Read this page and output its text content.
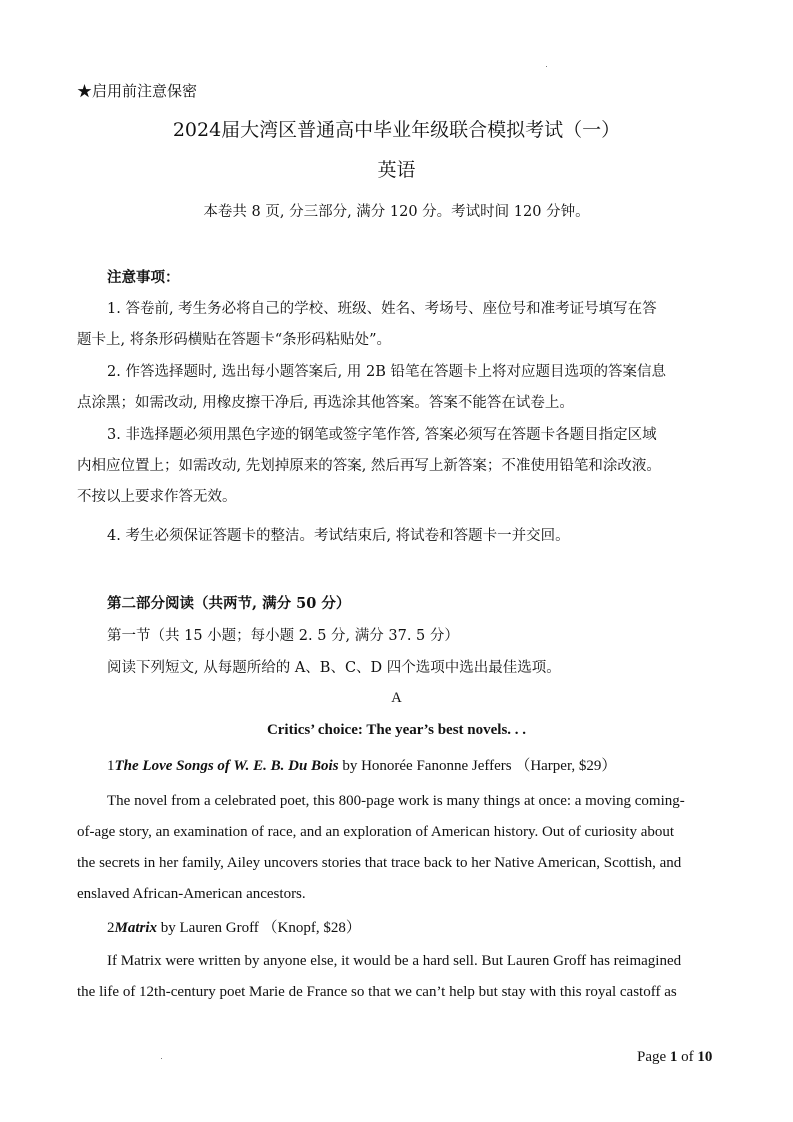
★启用前注意保密
2024届大湾区普通高中毕业年级联合模拟考试（一）
英语
本卷共 8 页, 分三部分, 满分 120 分。考试时间 120 分钟。
注意事项：
1. 答卷前, 考生务必将自己的学校、班级、姓名、考场号、座位号和准考证号填写在答
题卡上, 将条形码横贴在答题卡“条形码粘贴处”。
2. 作答选择题时, 选出每小题答案后, 用 2B 铅笔在答题卡上将对应题目选项的答案信息
点涂黑；如需改动, 用橡皮擦干净后, 再选涂其他答案。答案不能答在试卷上。
3. 非选择题必须用黑色字迹的钢笔或签字笔作答, 答案必须写在答题卡各题目指定区域
内相应位置上；如需改动, 先划掉原来的答案, 然后再写上新答案；不准使用铅笔和涂改液。
不按以上要求作答无效。
4. 考生必须保证答题卡的整洁。考试结束后, 将试卷和答题卡一并交回。
第二部分阅读（共两节, 满分 50 分）
第一节（共 15 小题；每小题 2. 5 分, 满分 37. 5 分）
阅读下列短文, 从每题所给的 A、B、C、D 四个选项中选出最佳选项。
A
Critics’ choice: The year’s best novels. . .
1The Love Songs of W. E. B. Du Bois by Honorée Fanonne Jeffers （Harper, $29）
The novel from a celebrated poet, this 800-page work is many things at once: a moving coming-
of-age story, an examination of race, and an exploration of American history. Out of curiosity about
the secrets in her family, Ailey uncovers stories that trace back to her Native American, Scottish, and
enslaved African-American ancestors.
2Matrix by Lauren Groff （Knopf, $28）
If Matrix were written by anyone else, it would be a hard sell. But Lauren Groff has reimagined
the life of 12th-century poet Marie de France so that we can’t help but stay with this royal castoff as
Page 1 of 10
